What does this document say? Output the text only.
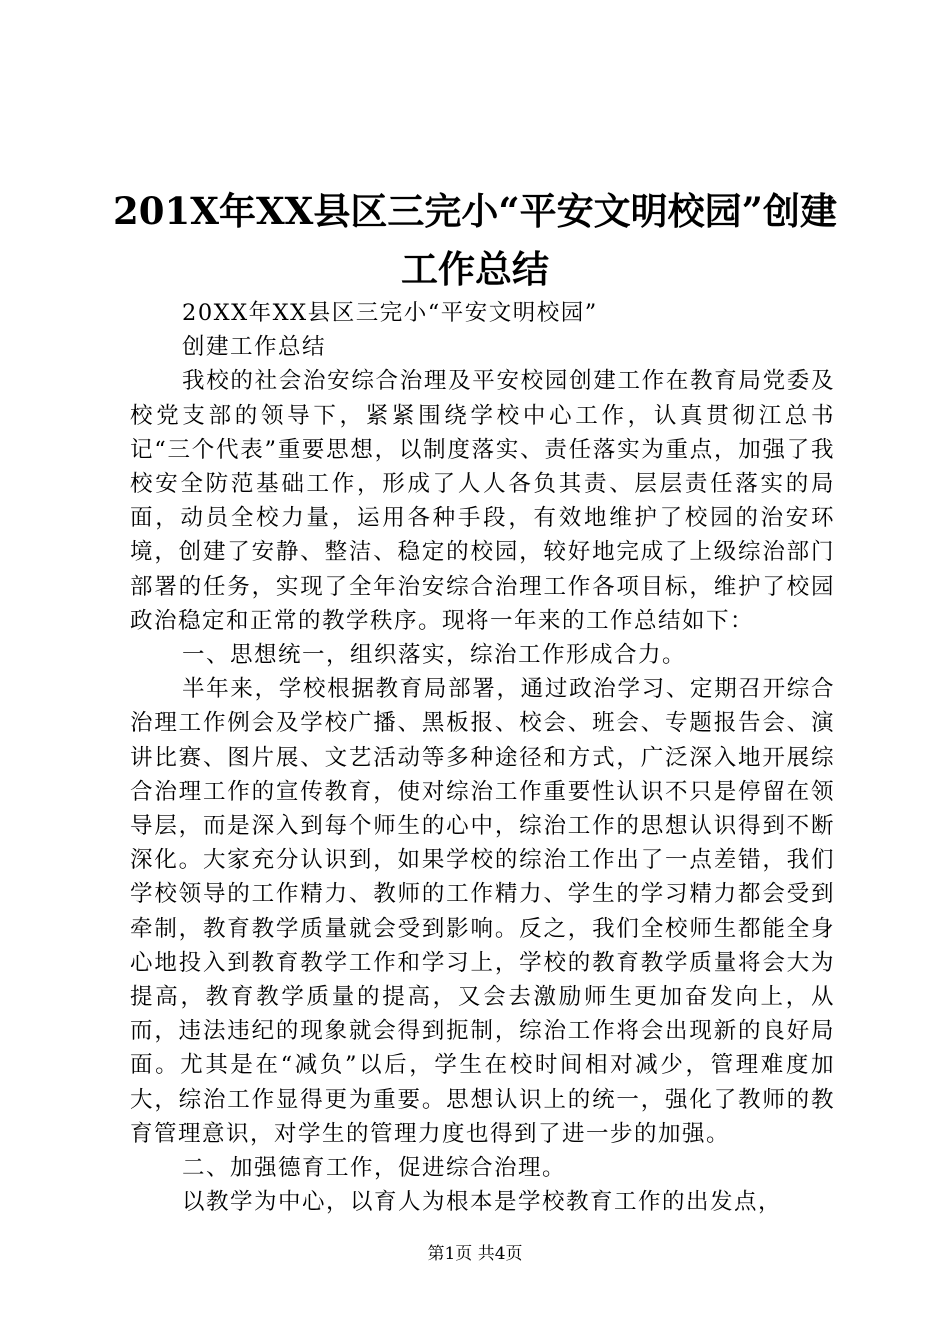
201X年XX县区三完小“平安文明校园”创建
工作总结

20XX年XX县区三完小“平安文明校园”

创建工作总结

我校的社会治安综合治理及平安校园创建工作在教育局党委及校党支部的领导下，紧紧围绕学校中心工作，认真贯彻江总书记“三个代表”重要思想，以制度落实、责任落实为重点，加强了我校安全防范基础工作，形成了人人各负其责、层层责任落实的局面，动员全校力量，运用各种手段，有效地维护了校园的治安环境，创建了安静、整洁、稳定的校园，较好地完成了上级综治部门部署的任务，实现了全年治安综合治理工作各项目标，维护了校园政治稳定和正常的教学秩序。现将一年来的工作总结如下：

一、思想统一，组织落实，综治工作形成合力。

半年来，学校根据教育局部署，通过政治学习、定期召开综合治理工作例会及学校广播、黑板报、校会、班会、专题报告会、演讲比赛、图片展、文艺活动等多种途径和方式，广泛深入地开展综合治理工作的宣传教育，使对综治工作重要性认识不只是停留在领导层，而是深入到每个师生的心中，综治工作的思想认识得到不断深化。大家充分认识到，如果学校的综治工作出了一点差错，我们学校领导的工作精力、教师的工作精力、学生的学习精力都会受到牵制，教育教学质量就会受到影响。反之，我们全校师生都能全身心地投入到教育教学工作和学习上，学校的教育教学质量将会大为提高，教育教学质量的提高，又会去激励师生更加奋发向上，从而，违法违纪的现象就会得到扼制，综治工作将会出现新的良好局面。尤其是在“减负”以后，学生在校时间相对减少，管理难度加大，综治工作显得更为重要。思想认识上的统一，强化了教师的教育管理意识，对学生的管理力度也得到了进一步的加强。

二、加强德育工作，促进综合治理。

以教学为中心，以育人为根本是学校教育工作的出发点，

第1页 共4页
